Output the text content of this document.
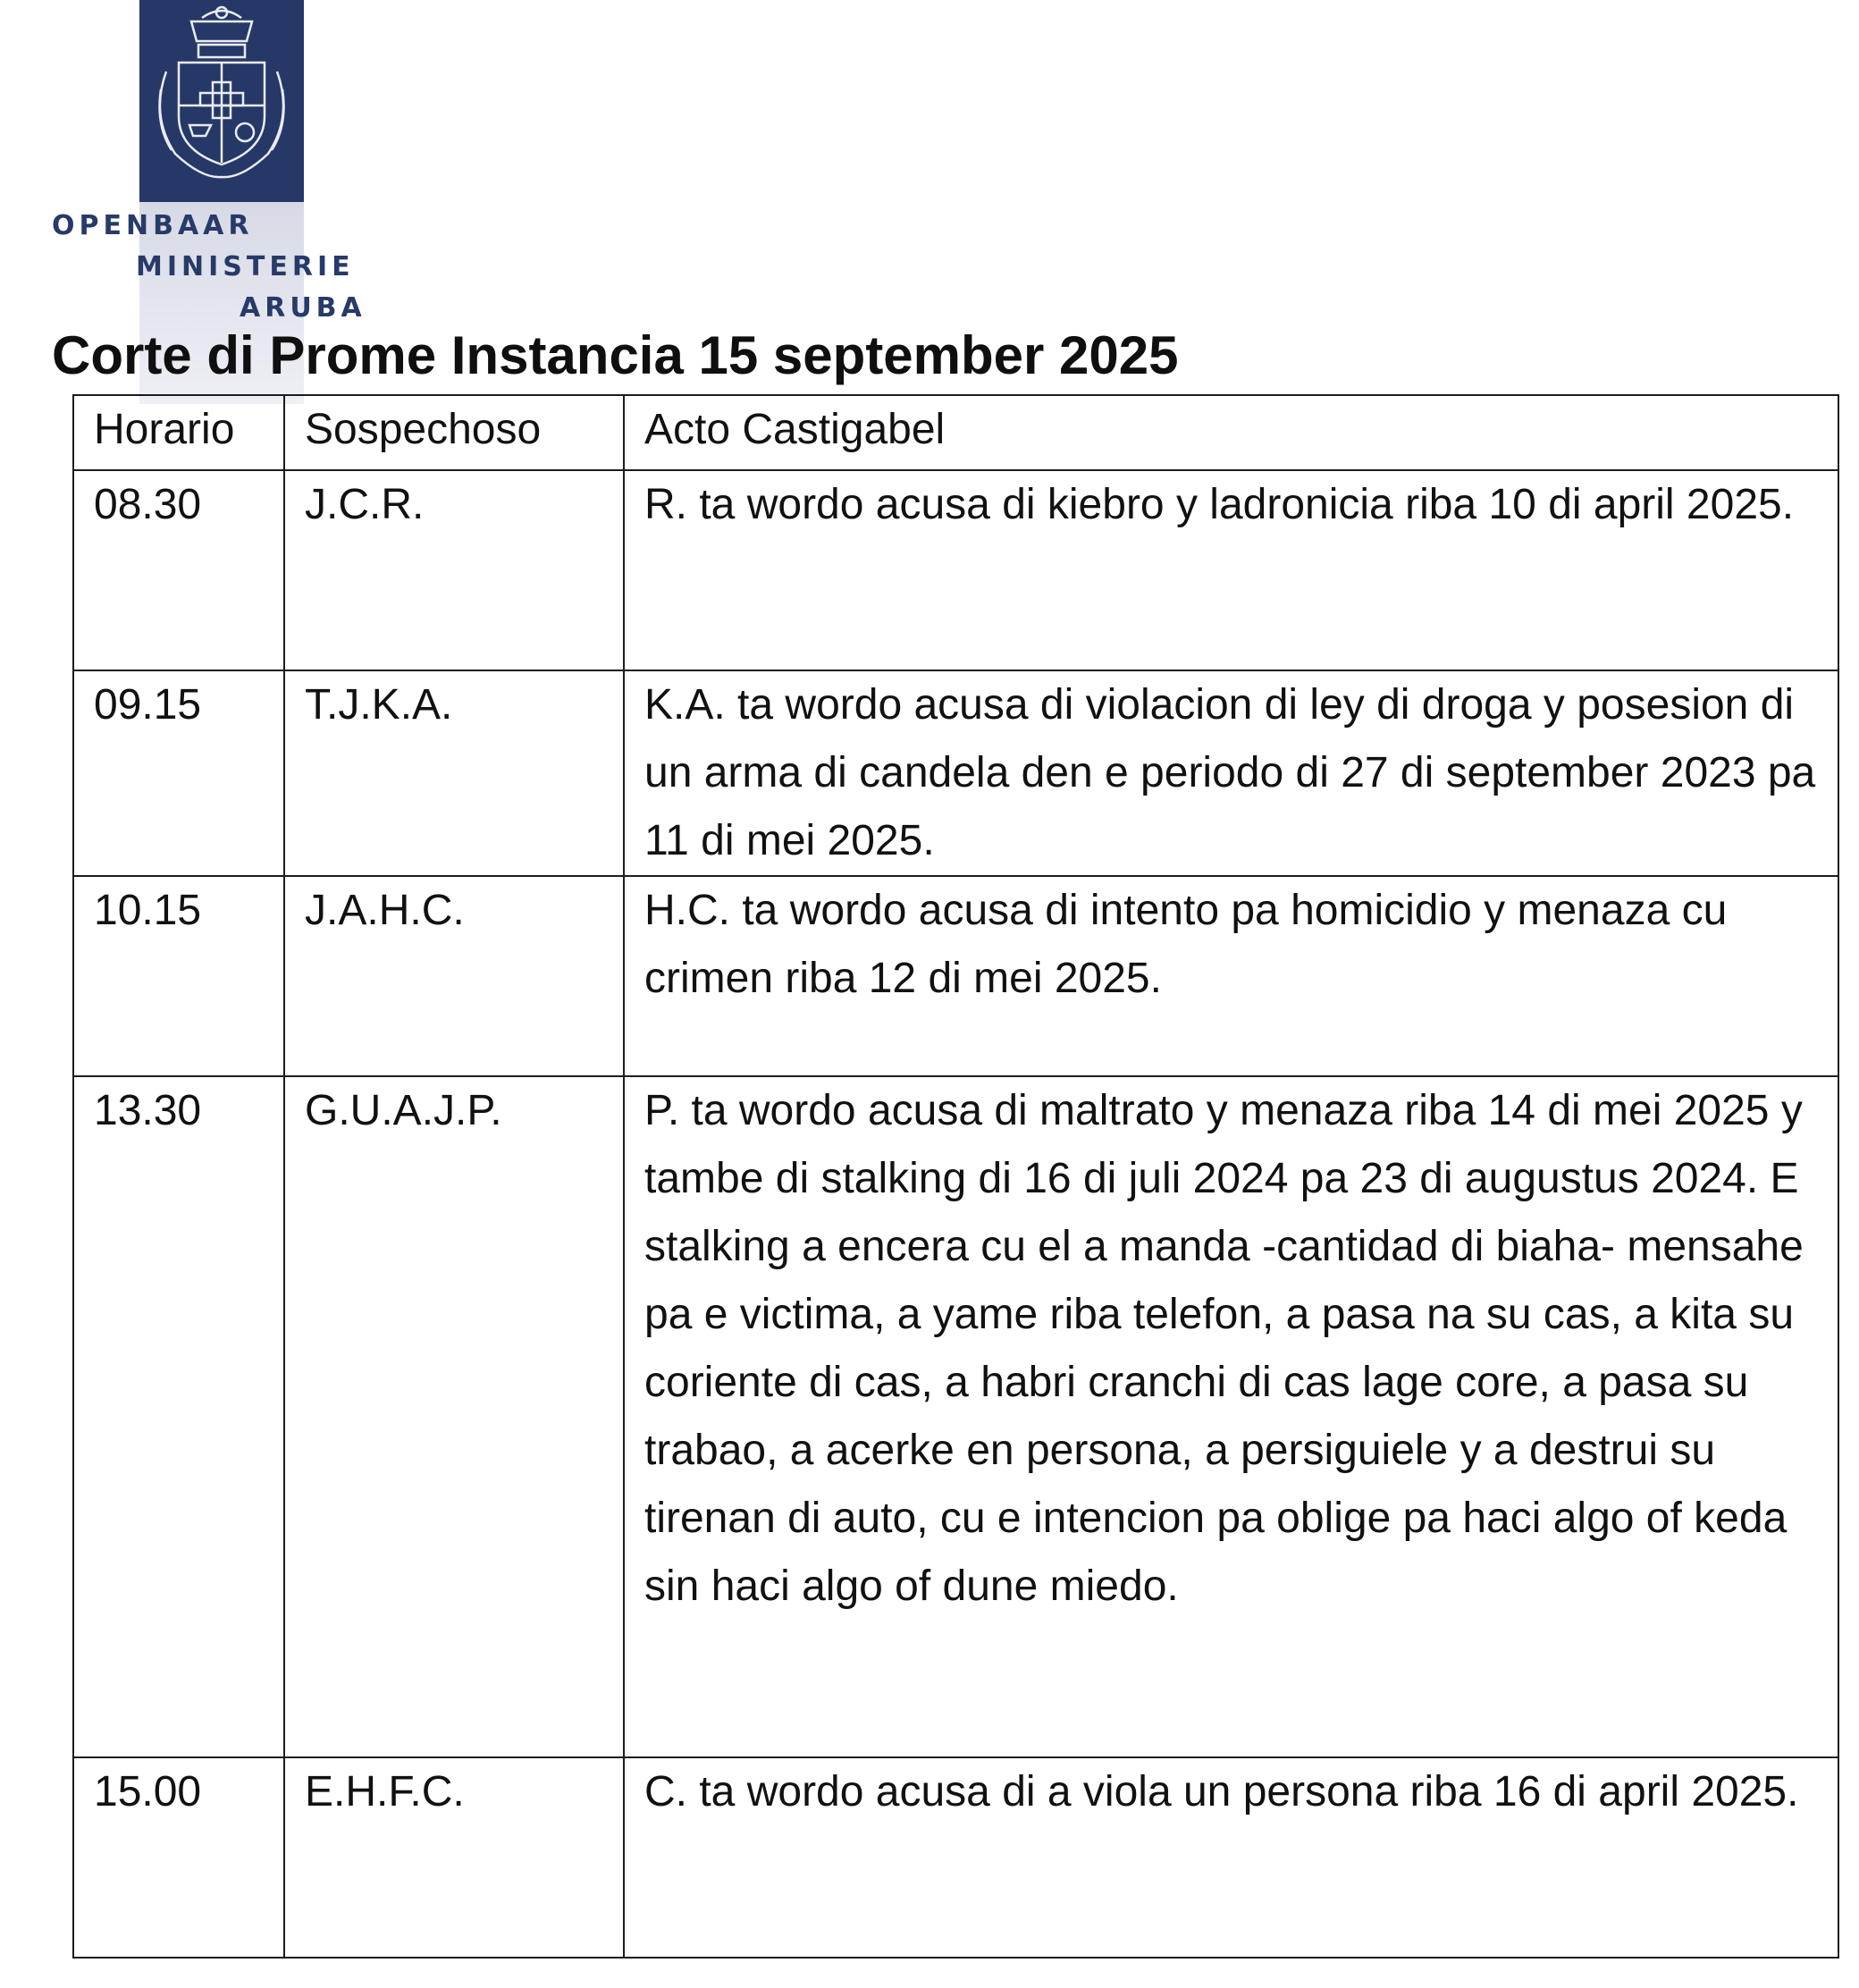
OPENBAAR
MINISTERIE
ARUBA
Corte di Prome Instancia 15 september 2025
Horario	Sospechoso	Acto Castigabel
08.30	J.C.R.	R. ta wordo acusa di kiebro y ladronicia riba 10 di april 2025.
09.15	T.J.K.A.	K.A. ta wordo acusa di violacion di ley di droga y posesion di un arma di candela den e periodo di 27 di september 2023 pa 11 di mei 2025.
10.15	J.A.H.C.	H.C. ta wordo acusa di intento pa homicidio y menaza cu crimen riba 12 di mei 2025.
13.30	G.U.A.J.P.	P. ta wordo acusa di maltrato y menaza riba 14 di mei 2025 y tambe di stalking di 16 di juli 2024 pa 23 di augustus 2024. E stalking a encera cu el a manda -cantidad di biaha- mensahe pa e victima, a yame riba telefon, a pasa na su cas, a kita su coriente di cas, a habri cranchi di cas lage core, a pasa su trabao, a acerke en persona, a persiguiele y a destrui su tirenan di auto, cu e intencion pa oblige pa haci algo of keda sin haci algo of dune miedo.
15.00	E.H.F.C.	C. ta wordo acusa di a viola un persona riba 16 di april 2025.
